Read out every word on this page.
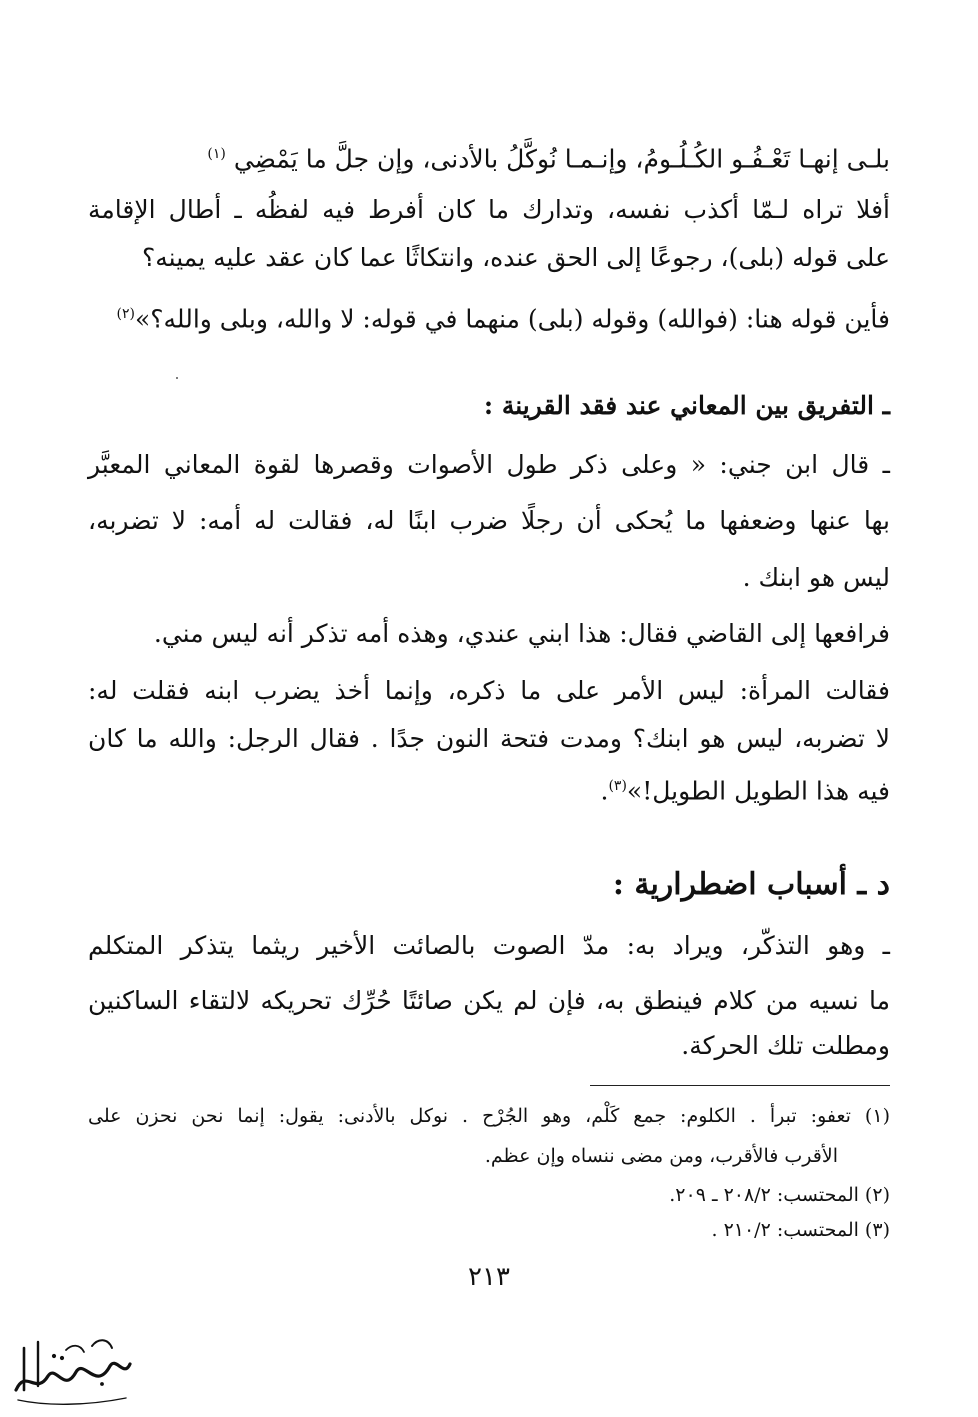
بلـى إنهـا تَعْـفُـو الكُـلُـومُ، وإنـمـا نُوكَّلُ بالأدنى، وإن جلَّ ما يَمْضِي $^{(١)}$
أفلا تراه لـمّا أكذب نفسه، وتدارك ما كان أفرط فيه لفظُه ـ أطال الإقامة
على قوله (بلى)، رجوعًا إلى الحق عنده، وانتكاثًا عما كان عقد عليه يمينه؟
فأين قوله هنا: (فوالله) وقوله (بلى) منهما في قوله: لا والله، وبلى والله؟»$^{(٢)}$
ـ التفريق بين المعاني عند فقد القرينة :
ـ قال ابن جني: « وعلى ذكر طول الأصوات وقصرها لقوة المعاني المعبَّر
بها عنها وضعفها ما يُحكى أن رجلًا ضرب ابنًا له، فقالت له أمه: لا تضربه،
ليس هو ابنك .
فرافعها إلى القاضي فقال: هذا ابني عندي، وهذه أمه تذكر أنه ليس مني.
فقالت المرأة: ليس الأمر على ما ذكره، وإنما أخذ يضرب ابنه فقلت له:
لا تضربه، ليس هو ابنك؟ ومدت فتحة النون جدًا . فقال الرجل: والله ما كان
فيه هذا الطويل الطويل!»$^{(٣)}$.
د ـ أسباب اضطرارية :
ـ وهو التذكّر، ويراد به: مدّ الصوت بالصائت الأخير ريثما يتذكر المتكلم
ما نسيه من كلام فينطق به، فإن لم يكن صائتًا حُرِّك تحريكه لالتقاء الساكنين
ومطلت تلك الحركة.
(١) تعفو: تبرأ . الكلوم: جمع كَلْم، وهو الجُرْح . نوكل بالأدنى: يقول: إنما نحن نحزن على
الأقرب فالأقرب، ومن مضى ننساه وإن عظم.
(٢) المحتسب: ٢٠٨/٢ ـ ٢٠٩.
(٣) المحتسب: ٢١٠/٢ .
٢١٣
